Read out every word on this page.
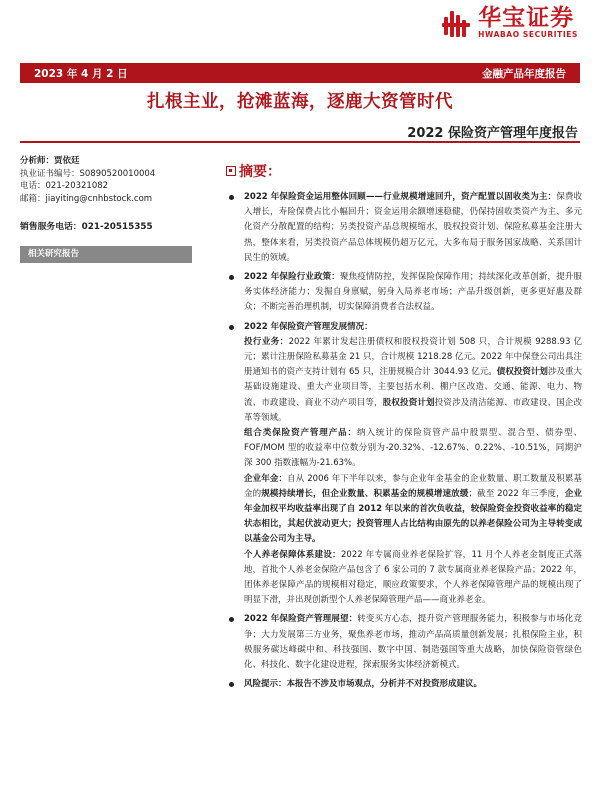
华宝证券
HWABAO SECURITIES
2023 年 4 月 2 日	金融产品年度报告
扎根主业，抢滩蓝海，逐鹿大资管时代
2022 保险资产管理年度报告
分析师：贾依廷
执业证书编号：S0890520010004
电话：021-20321082
邮箱：jiayiting@cnhbstock.com
销售服务电话：021-20515355
相关研究报告
摘要：
2022 年保险资金运用整体回顾——行业规模增速回升，资产配置以固收类为主：保费收入增长，寿险保费占比小幅回升；资金运用余额增速稳健，仍保持固收类资产为主、多元化资产分散配置的结构；另类投资产品总规模缩水，股权投资计划、保险私募基金注册大热，整体来看，另类投资产品总体规模仍超万亿元，大多布局于服务国家战略、关系国计民生的领域。
2022 年保险行业政策：聚焦疫情防控，发挥保险保障作用；持续深化改革创新，提升服务实体经济能力；发掘自身禀赋，躬身入局养老市场；产品升级创新，更多更好惠及群众；不断完善治理机制，切实保障消费者合法权益。
2022 年保险资产管理发展情况：
投行业务：2022 年累计发起注册债权和股权投资计划 508 只，合计规模 9288.93 亿元；累计注册保险私募基金 21 只，合计规模 1218.28 亿元。2022 年中保登公司出具注册通知书的资产支持计划有 65 只，注册规模合计 3044.93 亿元。债权投资计划涉及重大基础设施建设、重大产业项目等，主要包括水利、棚户区改造、交通、能源、电力、物流、市政建设、商业不动产项目等，股权投资计划投资涉及清洁能源、市政建设、国企改革等领域。
组合类保险资产管理产品：纳入统计的保险资管产品中股票型、混合型、债券型、FOF/MOM 型的收益率中位数分别为-20.32%、-12.67%、0.22%、-10.51%，同期沪深 300 指数涨幅为-21.63%。
企业年金：自从 2006 年下半年以来，参与企业年金基金的企业数量、职工数量及积累基金的规模持续增长，但企业数量、积累基金的规模增速放缓；截至 2022 年三季度，企业年金加权平均收益率出现了自 2012 年以来的首次负收益，较保险资金投资收益率的稳定状态相比，其起伏波动更大；投资管理人占比结构由原先的以养老保险公司为主导转变成以基金公司为主导。
个人养老保障体系建设：2022 年专属商业养老保险扩容，11 月个人养老金制度正式落地，首批个人养老金保险产品包含了 6 家公司的 7 款专属商业养老保险产品；2022 年，团体养老保障产品的规模相对稳定，顺应政策要求，个人养老保障管理产品的规模出现了明显下滑，并出现创新型个人养老保障管理产品——商业养老金。
2022 年保险资产管理展望：转变买方心态，提升资产管理服务能力，积极参与市场化竞争；大力发展第三方业务，聚焦养老市场，推动产品高质量创新发展；扎根保险主业，积极服务碳达峰碳中和、科技强国、数字中国、制造强国等重大战略，加快保险资管绿色化、科技化、数字化建设进程，探索服务实体经济新模式。
风险提示：本报告不涉及市场观点，分析并不对投资形成建议。
